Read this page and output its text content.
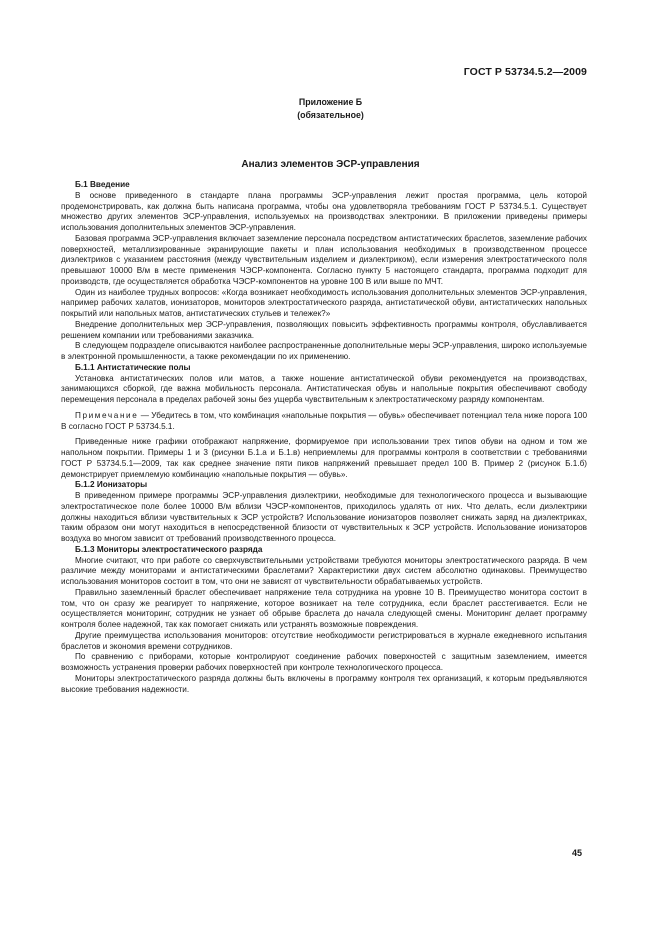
ГОСТ Р 53734.5.2—2009
Приложение Б
(обязательное)
Анализ элементов ЭСР-управления

Б.1 Введение

В основе приведенного в стандарте плана программы ЭСР-управления лежит простая программа, цель которой продемонстрировать, как должна быть написана программа, чтобы она удовлетворяла требованиям ГОСТ Р 53734.5.1. Существует множество других элементов ЭСР-управления, используемых на производствах электроники. В приложении приведены примеры использования дополнительных элементов ЭСР-управления.

Базовая программа ЭСР-управления включает заземление персонала посредством антистатических браслетов, заземление рабочих поверхностей, металлизированные экранирующие пакеты и план использования необходимых в производственном процессе диэлектриков с указанием расстояния (между чувствительным изделием и диэлектриком), если измерения электростатического поля превышают 10000 В/м в месте применения ЧЭСР-компонента. Согласно пункту 5 настоящего стандарта, программа подходит для производств, где осуществляется обработка ЧЭСР-компонентов на уровне 100 В или выше по МЧТ.

Один из наиболее трудных вопросов: «Когда возникает необходимость использования дополнительных элементов ЭСР-управления, например рабочих халатов, ионизаторов, мониторов электростатического разряда, антистатической обуви, антистатических напольных покрытий или напольных матов, антистатических стульев и тележек?»

Внедрение дополнительных мер ЭСР-управления, позволяющих повысить эффективность программы контроля, обуславливается решением компании или требованиями заказчика.

В следующем подразделе описываются наиболее распространенные дополнительные меры ЭСР-управления, широко используемые в электронной промышленности, а также рекомендации по их применению.

Б.1.1 Антистатические полы

Установка антистатических полов или матов, а также ношение антистатической обуви рекомендуется на производствах, занимающихся сборкой, где важна мобильность персонала. Антистатическая обувь и напольные покрытия обеспечивают свободу перемещения персонала в пределах рабочей зоны без ущерба чувствительным к электростатическому разряду компонентам.

Примечание — Убедитесь в том, что комбинация «напольные покрытия — обувь» обеспечивает потенциал тела ниже порога 100 В согласно ГОСТ Р 53734.5.1.

Приведенные ниже графики отображают напряжение, формируемое при использовании трех типов обуви на одном и том же напольном покрытии. Примеры 1 и 3 (рисунки Б.1.а и Б.1.в) неприемлемы для программы контроля в соответствии с требованиями ГОСТ Р 53734.5.1—2009, так как среднее значение пяти пиков напряжений превышает предел 100 В. Пример 2 (рисунок Б.1.б) демонстрирует приемлемую комбинацию «напольные покрытия — обувь».

Б.1.2 Ионизаторы

В приведенном примере программы ЭСР-управления диэлектрики, необходимые для технологического процесса и вызывающие электростатическое поле более 10000 В/м вблизи ЧЭСР-компонентов, приходилось удалять от них. Что делать, если диэлектрики должны находиться вблизи чувствительных к ЭСР устройств? Использование ионизаторов позволяет снижать заряд на диэлектриках, таким образом они могут находиться в непосредственной близости от чувствительных к ЭСР устройств. Использование ионизаторов воздуха во многом зависит от требований производственного процесса.

Б.1.3 Мониторы электростатического разряда

Многие считают, что при работе со сверхчувствительными устройствами требуются мониторы электростатического разряда. В чем различие между мониторами и антистатическими браслетами? Характеристики двух систем абсолютно одинаковы. Преимущество использования мониторов состоит в том, что они не зависят от чувствительности обрабатываемых устройств.

Правильно заземленный браслет обеспечивает напряжение тела сотрудника на уровне 10 В. Преимущество монитора состоит в том, что он сразу же реагирует то напряжение, которое возникает на теле сотрудника, если браслет расстегивается. Если не осуществляется мониторинг, сотрудник не узнает об обрыве браслета до начала следующей смены. Мониторинг делает программу контроля более надежной, так как помогает снижать или устранять возможные повреждения.

Другие преимущества использования мониторов: отсутствие необходимости регистрироваться в журнале ежедневного испытания браслетов и экономия времени сотрудников.

По сравнению с приборами, которые контролируют соединение рабочих поверхностей с защитным заземлением, имеется возможность устранения проверки рабочих поверхностей при контроле технологического процесса.

Мониторы электростатического разряда должны быть включены в программу контроля тех организаций, к которым предъявляются высокие требования надежности.

45
